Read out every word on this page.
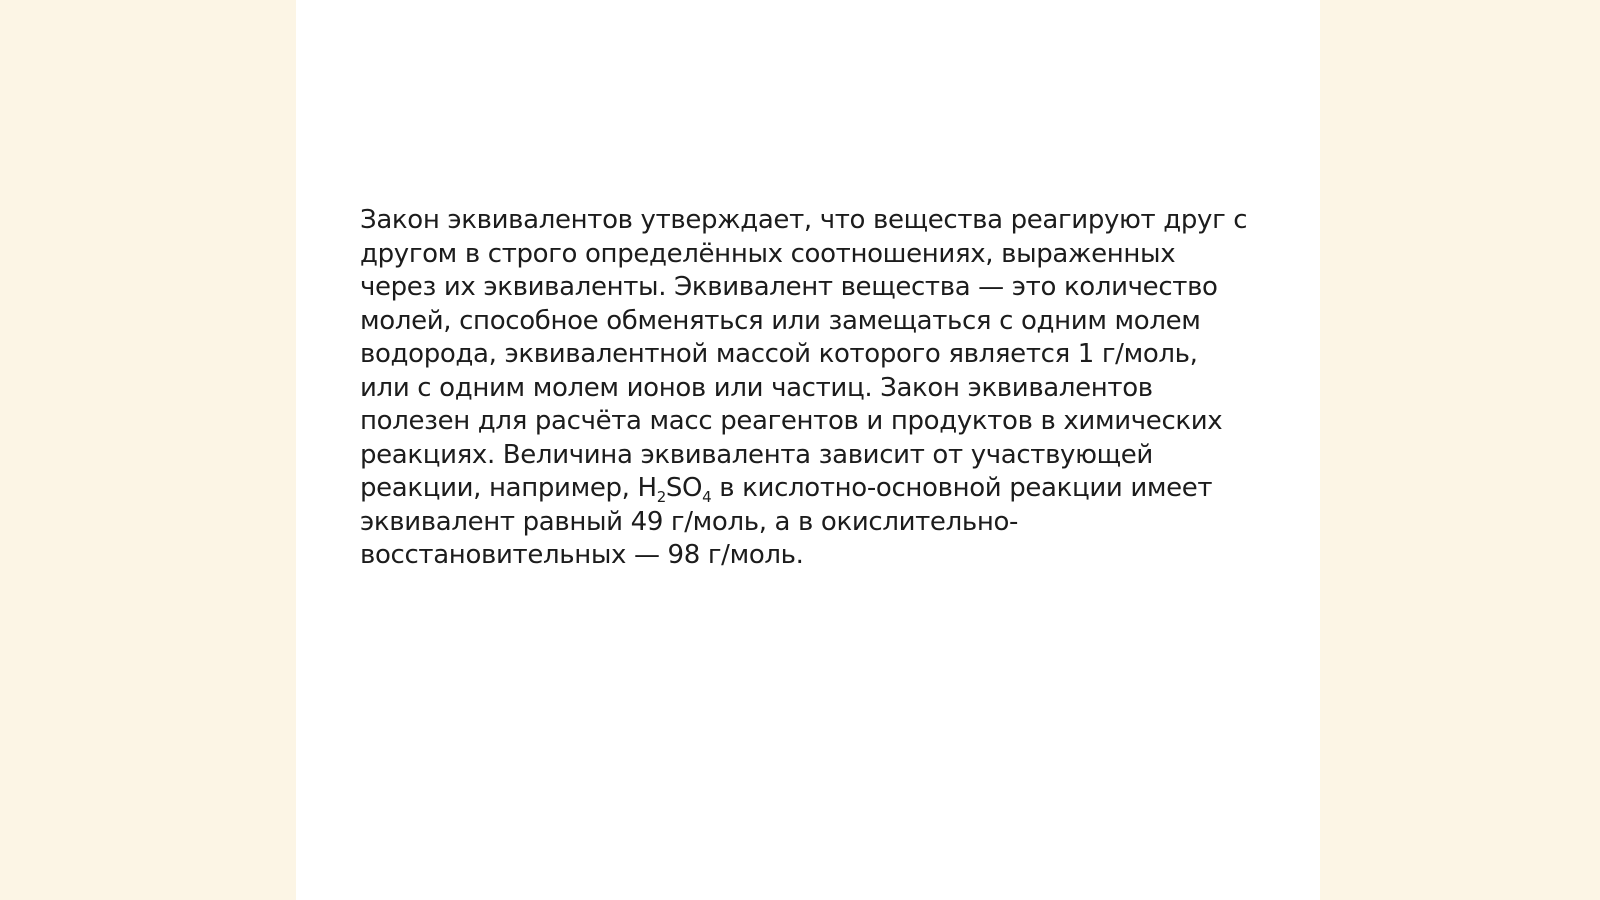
Закон эквивалентов утверждает, что вещества реагируют друг с
другом в строго определённых соотношениях, выраженных
через их эквиваленты. Эквивалент вещества — это количество
молей, способное обменяться или замещаться с одним молем
водорода, эквивалентной массой которого является 1 г/моль,
или с одним молем ионов или частиц. Закон эквивалентов
полезен для расчёта масс реагентов и продуктов в химических
реакциях. Величина эквивалента зависит от участвующей
реакции, например, $H_2SO_4$ в кислотно-основной реакции имеет
эквивалент равный 49 г/моль, а в окислительно-
восстановительных — 98 г/моль.
